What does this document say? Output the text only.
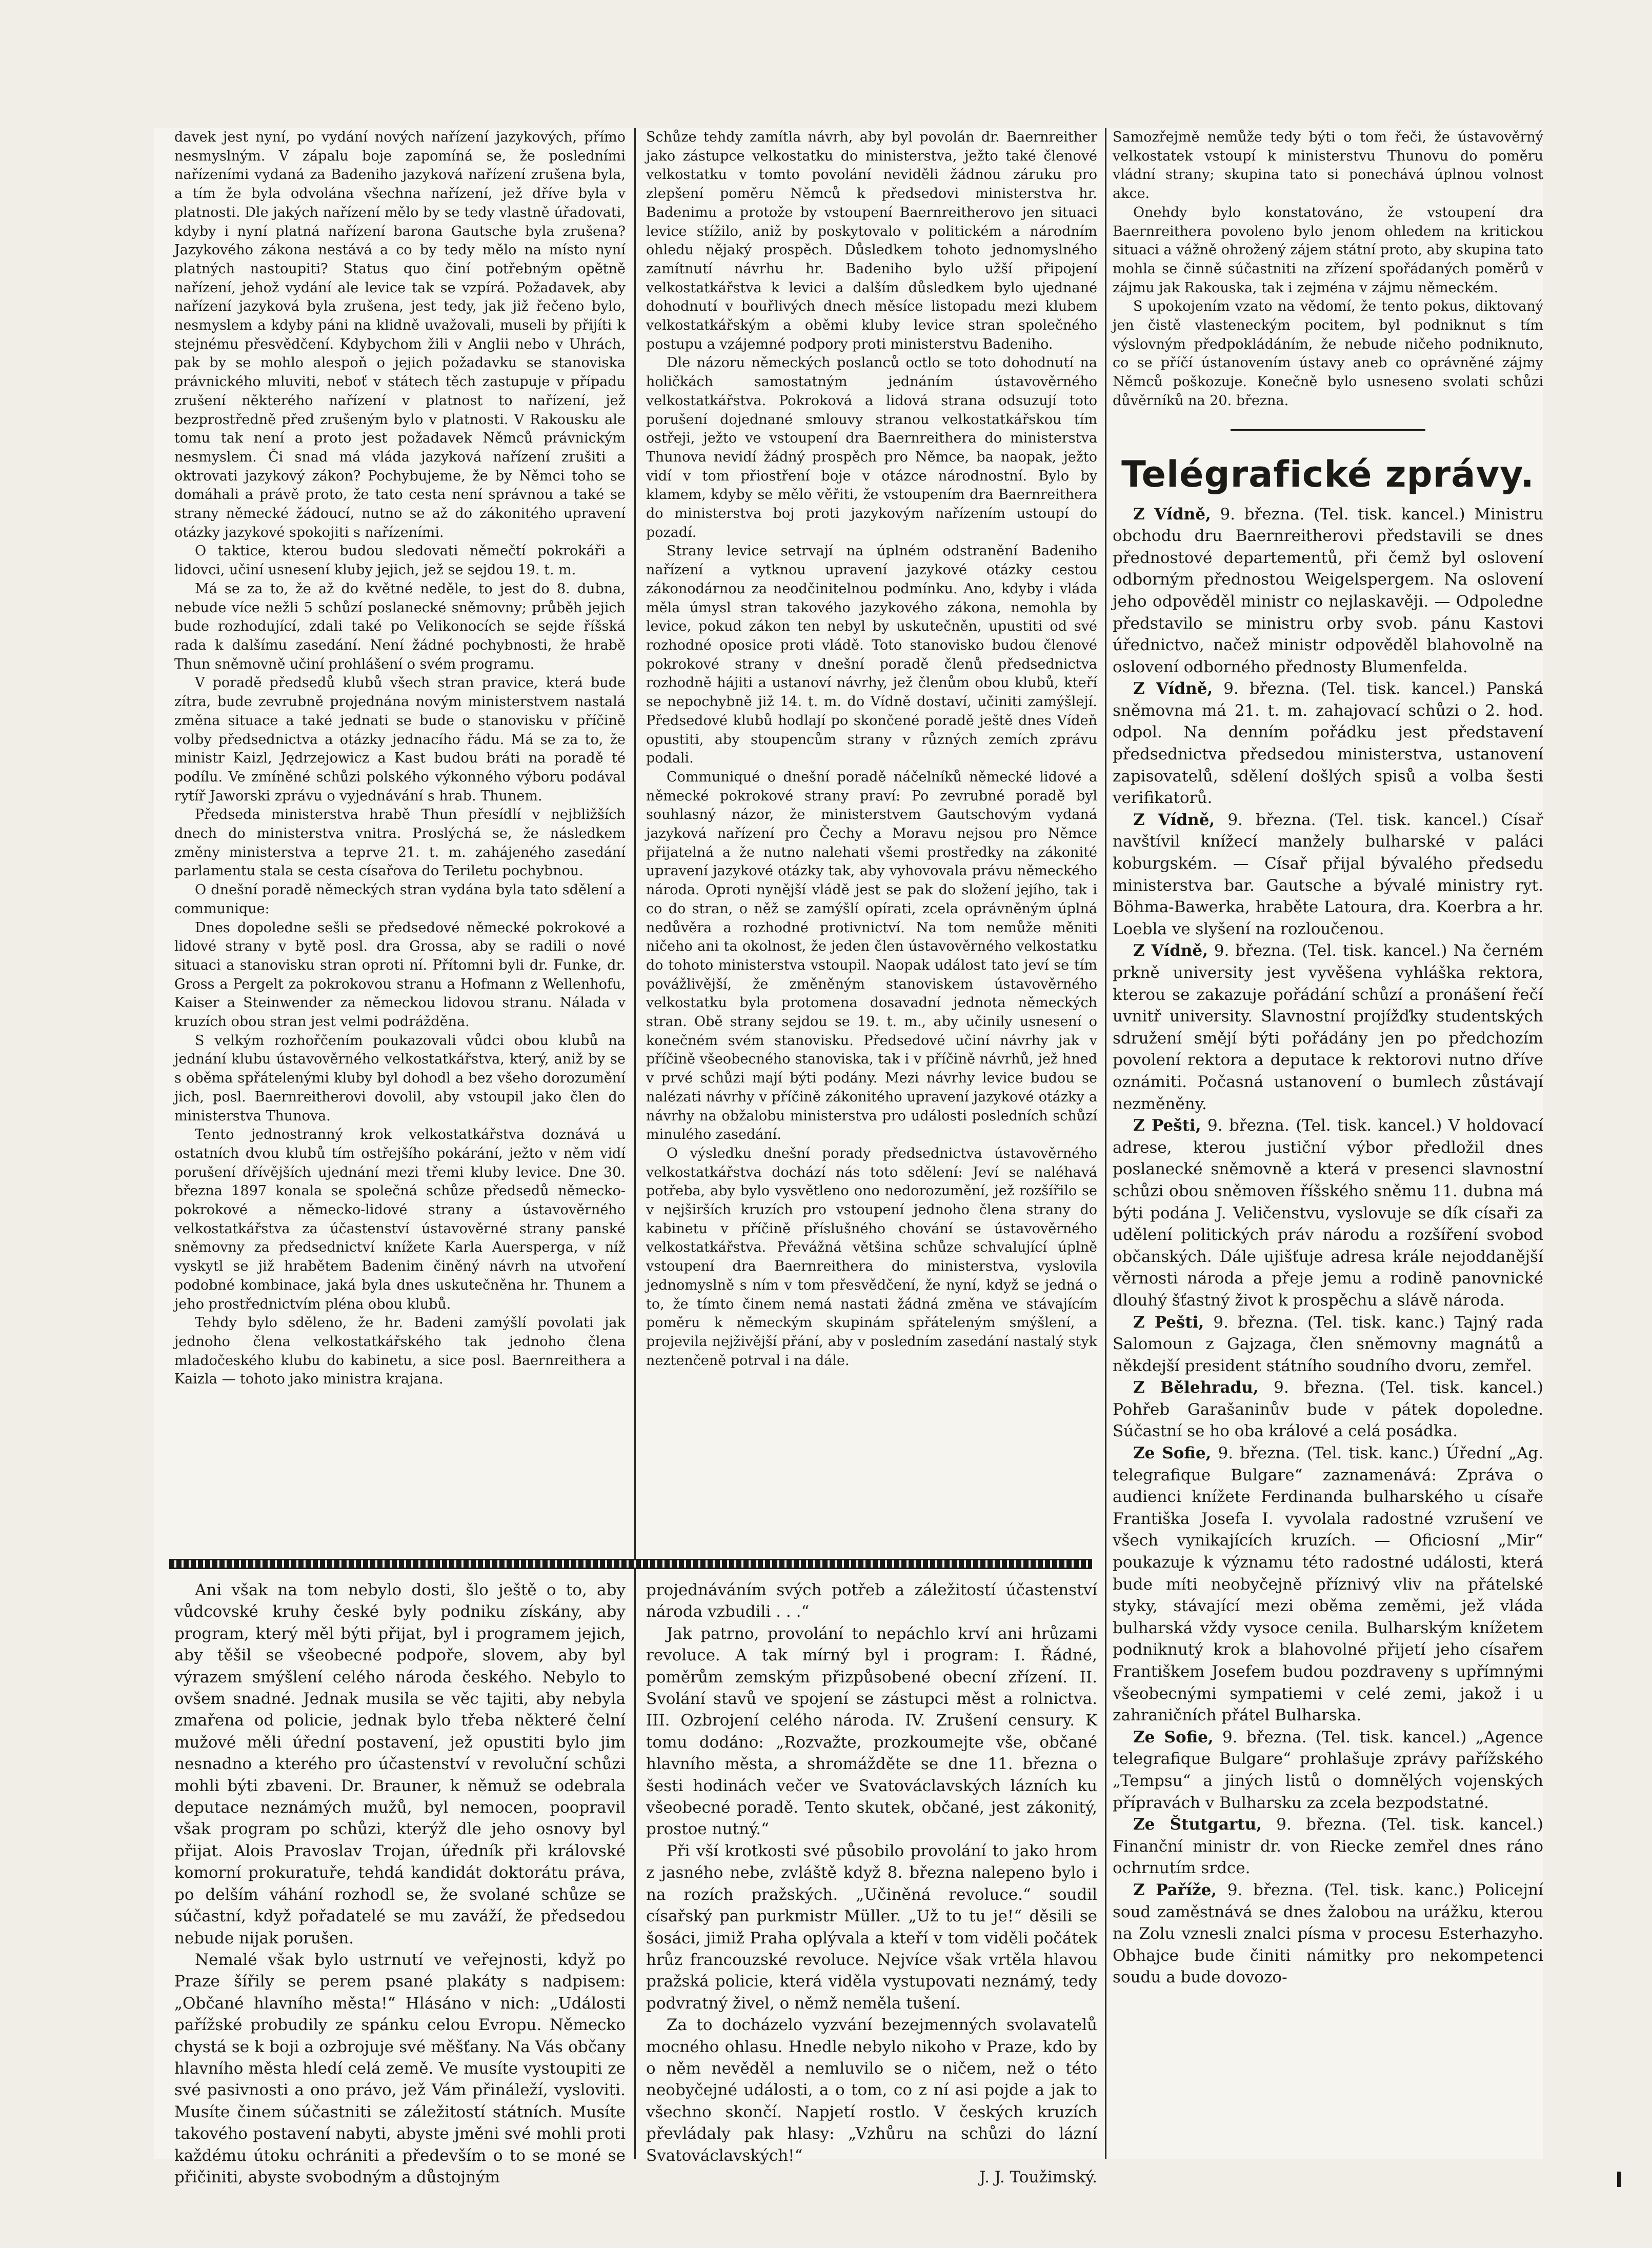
davek jest nyní, po vydání nových nařízení jazykových, přímo nesmyslným. V zápalu boje zapomíná se, že posledními nařízeními vydaná za Badeniho jazyková nařízení zrušena byla, a tím že byla odvolána všechna nařízení, jež dříve byla v platnosti. Dle jakých nařízení mělo by se tedy vlastně úřadovati, kdyby i nyní platná nařízení barona Gautsche byla zrušena? Jazykového zákona nestává a co by tedy mělo na místo nyní platných nastoupiti? Status quo činí potřebným opětně nařízení, jehož vydání ale levice tak se vzpírá. Požadavek, aby nařízení jazyková byla zrušena, jest tedy, jak již řečeno bylo, nesmyslem a kdyby páni na klidně uvažovali, museli by přijíti k stejnému přesvědčení. Kdybychom žili v Anglii nebo v Uhrách, pak by se mohlo alespoň o jejich požadavku se stanoviska právnického mluviti, neboť v státech těch zastupuje v případu zrušení některého nařízení v platnost to nařízení, jež bezprostředně před zrušeným bylo v platnosti. V Rakousku ale tomu tak není a proto jest požadavek Němců právnickým nesmyslem. Či snad má vláda jazyková nařízení zrušiti a oktrovati jazykový zákon? Pochybujeme, že by Němci toho se domáhali a právě proto, že tato cesta není správnou a také se strany německé žádoucí, nutno se až do zákonitého upravení otázky jazykové spokojiti s nařízeními.

O taktice, kterou budou sledovati němečtí pokrokáři a lidovci, učiní usnesení kluby jejich, jež se sejdou 19. t. m.

Má se za to, že až do květné neděle, to jest do 8. dubna, nebude více nežli 5 schůzí poslanecké sněmovny; průběh jejich bude rozhodující, zdali také po Velikonocích se sejde říšská rada k dalšímu zasedání. Není žádné pochybnosti, že hrabě Thun sněmovně učiní prohlášení o svém programu.

V poradě předsedů klubů všech stran pravice, která bude zítra, bude zevrubně projednána novým ministerstvem nastalá změna situace a také jednati se bude o stanovisku v příčině volby předsednictva a otázky jednacího řádu. Má se za to, že ministr Kaizl, Jędrzejowicz a Kast budou bráti na poradě té podílu. Ve zmíněné schůzi polského výkonného výboru podával rytíř Jaworski zprávu o vyjednávání s hrab. Thunem.

Předseda ministerstva hrabě Thun přesídlí v nejbližších dnech do ministerstva vnitra. Proslýchá se, že následkem změny ministerstva a teprve 21. t. m. zahájeného zasedání parlamentu stala se cesta císařova do Teriletu pochybnou.

O dnešní poradě německých stran vydána byla tato sdělení a communique:

Dnes dopoledne sešli se předsedové německé pokrokové a lidové strany v bytě posl. dra Grossa, aby se radili o nové situaci a stanovisku stran oproti ní. Přítomni byli dr. Funke, dr. Gross a Pergelt za pokrokovou stranu a Hofmann z Wellenhofu, Kaiser a Steinwender za německou lidovou stranu. Nálada v kruzích obou stran jest velmi podrážděna.

S velkým rozhořčením poukazovali vůdci obou klubů na jednání klubu ústavověrného velkostatkářstva, který, aniž by se s oběma spřátelenými kluby byl dohodl a bez všeho dorozumění jich, posl. Baernreitherovi dovolil, aby vstoupil jako člen do ministerstva Thunova.

Tento jednostranný krok velkostatkářstva doznává u ostatních dvou klubů tím ostřejšího pokárání, ježto v něm vidí porušení dřívějších ujednání mezi třemi kluby levice. Dne 30. března 1897 konala se společná schůze předsedů německo-pokrokové a německo-lidové strany a ústavověrného velkostatkářstva za účastenství ústavověrné strany panské sněmovny za předsednictví knížete Karla Auersperga, v níž vyskytl se již hrabětem Badenim činěný návrh na utvoření podobné kombinace, jaká byla dnes uskutečněna hr. Thunem a jeho prostřednictvím pléna obou klubů.

Tehdy bylo sděleno, že hr. Badeni zamýšlí povolati jak jednoho člena velkostatkářského tak jednoho člena mladočeského klubu do kabinetu, a sice posl. Baernreithera a Kaizla — tohoto jako ministra krajana.

Schůze tehdy zamítla návrh, aby byl povolán dr. Baernreither jako zástupce velkostatku do ministerstva, ježto také členové velkostatku v tomto povolání neviděli žádnou záruku pro zlepšení poměru Němců k předsedovi ministerstva hr. Badenimu a protože by vstoupení Baernreitherovo jen situaci levice stížilo, aniž by poskytovalo v politickém a národním ohledu nějaký prospěch. Důsledkem tohoto jednomyslného zamítnutí návrhu hr. Badeniho bylo užší připojení velkostatkářstva k levici a dalším důsledkem bylo ujednané dohodnutí v bouřlivých dnech měsíce listopadu mezi klubem velkostatkářským a oběmi kluby levice stran společného postupu a vzájemné podpory proti ministerstvu Badeniho.

Dle názoru německých poslanců octlo se toto dohodnutí na holičkách samostatným jednáním ústavověrného velkostatkářstva. Pokroková a lidová strana odsuzují toto porušení dojednané smlouvy stranou velkostatkářskou tím ostřeji, ježto ve vstoupení dra Baernreithera do ministerstva Thunova nevidí žádný prospěch pro Němce, ba naopak, ježto vidí v tom přiostření boje v otázce národnostní. Bylo by klamem, kdyby se mělo věřiti, že vstoupením dra Baernreithera do ministerstva boj proti jazykovým nařízením ustoupí do pozadí.

Strany levice setrvají na úplném odstranění Badeniho nařízení a vytknou upravení jazykové otázky cestou zákonodárnou za neodčinitelnou podmínku. Ano, kdyby i vláda měla úmysl stran takového jazykového zákona, nemohla by levice, pokud zákon ten nebyl by uskutečněn, upustiti od své rozhodné oposice proti vládě. Toto stanovisko budou členové pokrokové strany v dnešní poradě členů předsednictva rozhodně hájiti a ustanoví návrhy, jež členům obou klubů, kteří se nepochybně již 14. t. m. do Vídně dostaví, učiniti zamýšlejí. Předsedové klubů hodlají po skončené poradě ještě dnes Vídeň opustiti, aby stoupencům strany v různých zemích zprávu podali.

Communiqué o dnešní poradě náčelníků německé lidové a německé pokrokové strany praví: Po zevrubné poradě byl souhlasný názor, že ministerstvem Gautschovým vydaná jazyková nařízení pro Čechy a Moravu nejsou pro Němce přijatelná a že nutno nalehati všemi prostředky na zákonité upravení jazykové otázky tak, aby vyhovovala právu německého národa. Oproti nynější vládě jest se pak do složení jejího, tak i co do stran, o něž se zamýšlí opírati, zcela oprávněným úplná nedůvěra a rozhodné protivnictví. Na tom nemůže měniti ničeho ani ta okolnost, že jeden člen ústavověrného velkostatku do tohoto ministerstva vstoupil. Naopak událost tato jeví se tím povážlivější, že změněným stanoviskem ústavověrného velkostatku byla protomena dosavadní jednota německých stran. Obě strany sejdou se 19. t. m., aby učinily usnesení o konečném svém stanovisku. Předsedové učiní návrhy jak v příčině všeobecného stanoviska, tak i v příčině návrhů, jež hned v prvé schůzi mají býti podány. Mezi návrhy levice budou se nalézati návrhy v příčině zákonitého upravení jazykové otázky a návrhy na obžalobu ministerstva pro události posledních schůzí minulého zasedání.

O výsledku dnešní porady předsednictva ústavověrného velkostatkářstva dochází nás toto sdělení: Jeví se naléhavá potřeba, aby bylo vysvětleno ono nedorozumění, jež rozšířilo se v nejširších kruzích pro vstoupení jednoho člena strany do kabinetu v příčině příslušného chování se ústavověrného velkostatkářstva. Převážná většina schůze schvalující úplně vstoupení dra Baernreithera do ministerstva, vyslovila jednomyslně s ním v tom přesvědčení, že nyní, když se jedná o to, že tímto činem nemá nastati žádná změna ve stávajícím poměru k německým skupinám spřáteleným smýšlení, a projevila nejživější přání, aby v posledním zasedání nastalý styk neztenčeně potrval i na dále.

Ani však na tom nebylo dosti, šlo ještě o to, aby vůdcovské kruhy české byly podniku získány, aby program, který měl býti přijat, byl i programem jejich, aby těšil se všeobecné podpoře, slovem, aby byl výrazem smýšlení celého národa českého. Nebylo to ovšem snadné. Jednak musila se věc tajiti, aby nebyla zmařena od policie, jednak bylo třeba některé čelní mužové měli úřední postavení, jež opustiti bylo jim nesnadno a kterého pro účastenství v revoluční schůzi mohli býti zbaveni. Dr. Brauner, k němuž se odebrala deputace neznámých mužů, byl nemocen, poopravil však program po schůzi, kterýž dle jeho osnovy byl přijat. Alois Pravoslav Trojan, úředník při královské komorní prokuratuře, tehdá kandidát doktorátu práva, po delším váhání rozhodl se, že svolané schůze se súčastní, když pořadatelé se mu zaváží, že předsedou nebude nijak porušen.

Nemalé však bylo ustrnutí ve veřejnosti, když po Praze šířily se perem psané plakáty s nadpisem: „Občané hlavního města!“ Hlásáno v nich: „Události pařížské probudily ze spánku celou Evropu. Německo chystá se k boji a ozbrojuje své měšťany. Na Vás občany hlavního města hledí celá země. Ve musíte vystoupiti ze své pasivnosti a ono právo, jež Vám přináleží, vysloviti. Musíte činem súčastniti se záležitostí státních. Musíte takového postavení nabyti, abyste jměni své mohli proti každému útoku ochrániti a především o to se moné se přičiniti, abyste svobodným a důstojným

projednáváním svých potřeb a záležitostí účastenství národa vzbudili . . .“

Jak patrno, provolání to nepáchlo krví ani hrůzami revoluce. A tak mírný byl i program: I. Řádné, poměrům zemským přizpůsobené obecní zřízení. II. Svolání stavů ve spojení se zástupci měst a rolnictva. III. Ozbrojení celého národa. IV. Zrušení censury. K tomu dodáno: „Rozvažte, prozkoumejte vše, občané hlavního města, a shromážděte se dne 11. března o šesti hodinách večer ve Svatováclavských lázních ku všeobecné poradě. Tento skutek, občané, jest zákonitý, prostoe nutný.“

Při vší krotkosti své působilo provolání to jako hrom z jasného nebe, zvláště když 8. března nalepeno bylo i na rozích pražských. „Učiněná revoluce.“ soudil císařský pan purkmistr Müller. „Už to tu je!“ děsili se šosáci, jimiž Praha oplývala a kteří v tom viděli počátek hrůz francouzské revoluce. Nejvíce však vrtěla hlavou pražská policie, která viděla vystupovati neznámý, tedy podvratný živel, o němž neměla tušení.

Za to docházelo vyzvání bezejmenných svolavatelů mocného ohlasu. Hnedle nebylo nikoho v Praze, kdo by o něm nevěděl a nemluvilo se o ničem, než o této neobyčejné události, a o tom, co z ní asi pojde a jak to všechno skončí. Napjetí rostlo. V českých kruzích převládaly pak hlasy: „Vzhůru na schůzi do lázní Svatováclavských!“

J. J. Toužimský.

Samozřejmě nemůže tedy býti o tom řeči, že ústavověrný velkostatek vstoupí k ministerstvu Thunovu do poměru vládní strany; skupina tato si ponechává úplnou volnost akce.

Onehdy bylo konstatováno, že vstoupení dra Baernreithera povoleno bylo jenom ohledem na kritickou situaci a vážně ohrožený zájem státní proto, aby skupina tato mohla se činně súčastniti na zřízení spořádaných poměrů v zájmu jak Rakouska, tak i zejména v zájmu německém.

S upokojením vzato na vědomí, že tento pokus, diktovaný jen čistě vlasteneckým pocitem, byl podniknut s tím výslovným předpokládáním, že nebude ničeho podniknuto, co se příčí ústanovením ústavy aneb co oprávněné zájmy Němců poškozuje. Konečně bylo usneseno svolati schůzi důvěrníků na 20. března.

Telégrafické zprávy.

Z Vídně, 9. března. (Tel. tisk. kancel.) Ministru obchodu dru Baernreitherovi představili se dnes přednostové departementů, při čemž byl oslovení odborným přednostou Weigelspergem. Na oslovení jeho odpověděl ministr co nejlaskavěji. — Odpoledne představilo se ministru orby svob. pánu Kastovi úřednictvo, načež ministr odpověděl blahovolně na oslovení odborného přednosty Blumenfelda.

Z Vídně, 9. března. (Tel. tisk. kancel.) Panská sněmovna má 21. t. m. zahajovací schůzi o 2. hod. odpol. Na denním pořádku jest představení předsednictva předsedou ministerstva, ustanovení zapisovatelů, sdělení došlých spisů a volba šesti verifikatorů.

Z Vídně, 9. března. (Tel. tisk. kancel.) Císař navštívil knížecí manžely bulharské v paláci koburgském. — Císař přijal bývalého předsedu ministerstva bar. Gautsche a bývalé ministry ryt. Böhma-Bawerka, hraběte Latoura, dra. Koerbra a hr. Loebla ve slyšení na rozloučenou.

Z Vídně, 9. března. (Tel. tisk. kancel.) Na černém prkně university jest vyvěšena vyhláška rektora, kterou se zakazuje pořádání schůzí a pronášení řečí uvnitř university. Slavnostní projížďky studentských sdružení smějí býti pořádány jen po předchozím povolení rektora a deputace k rektorovi nutno dříve oznámiti. Počasná ustanovení o bumlech zůstávají nezměněny.

Z Pešti, 9. března. (Tel. tisk. kancel.) V holdovací adrese, kterou justiční výbor předložil dnes poslanecké sněmovně a která v presenci slavnostní schůzi obou sněmoven říšského sněmu 11. dubna má býti podána J. Veličenstvu, vyslovuje se dík císaři za udělení politických práv národu a rozšíření svobod občanských. Dále ujišťuje adresa krále nejoddanější věrnosti národa a přeje jemu a rodině panovnické dlouhý šťastný život k prospěchu a slávě národa.

Z Pešti, 9. března. (Tel. tisk. kanc.) Tajný rada Salomoun z Gajzaga, člen sněmovny magnátů a někdejší president státního soudního dvoru, zemřel.

Z Bělehradu, 9. března. (Tel. tisk. kancel.) Pohřeb Garašaninův bude v pátek dopoledne. Súčastní se ho oba králové a celá posádka.

Ze Sofie, 9. března. (Tel. tisk. kanc.) Úřední „Ag. telegrafique Bulgare“ zaznamenává: Zpráva o audienci knížete Ferdinanda bulharského u císaře Františka Josefa I. vyvolala radostné vzrušení ve všech vynikajících kruzích. — Oficiosní „Mir“ poukazuje k významu této radostné události, která bude míti neobyčejně příznivý vliv na přátelské styky, stávající mezi oběma zeměmi, jež vláda bulharská vždy vysoce cenila. Bulharským knížetem podniknutý krok a blahovolné přijetí jeho císařem Františkem Josefem budou pozdraveny s upřímnými všeobecnými sympatiemi v celé zemi, jakož i u zahraničních přátel Bulharska.

Ze Sofie, 9. března. (Tel. tisk. kancel.) „Agence telegrafique Bulgare“ prohlašuje zprávy pařížského „Tempsu“ a jiných listů o domnělých vojenských přípravách v Bulharsku za zcela bezpodstatné.

Ze Štutgartu, 9. března. (Tel. tisk. kancel.) Finanční ministr dr. von Riecke zemřel dnes ráno ochrnutím srdce.

Z Paříže, 9. března. (Tel. tisk. kanc.) Policejní soud zaměstnává se dnes žalobou na urážku, kterou na Zolu vznesli znalci písma v procesu Esterhazyho. Obhajce bude činiti námitky pro nekompetenci soudu a bude dovozo-
